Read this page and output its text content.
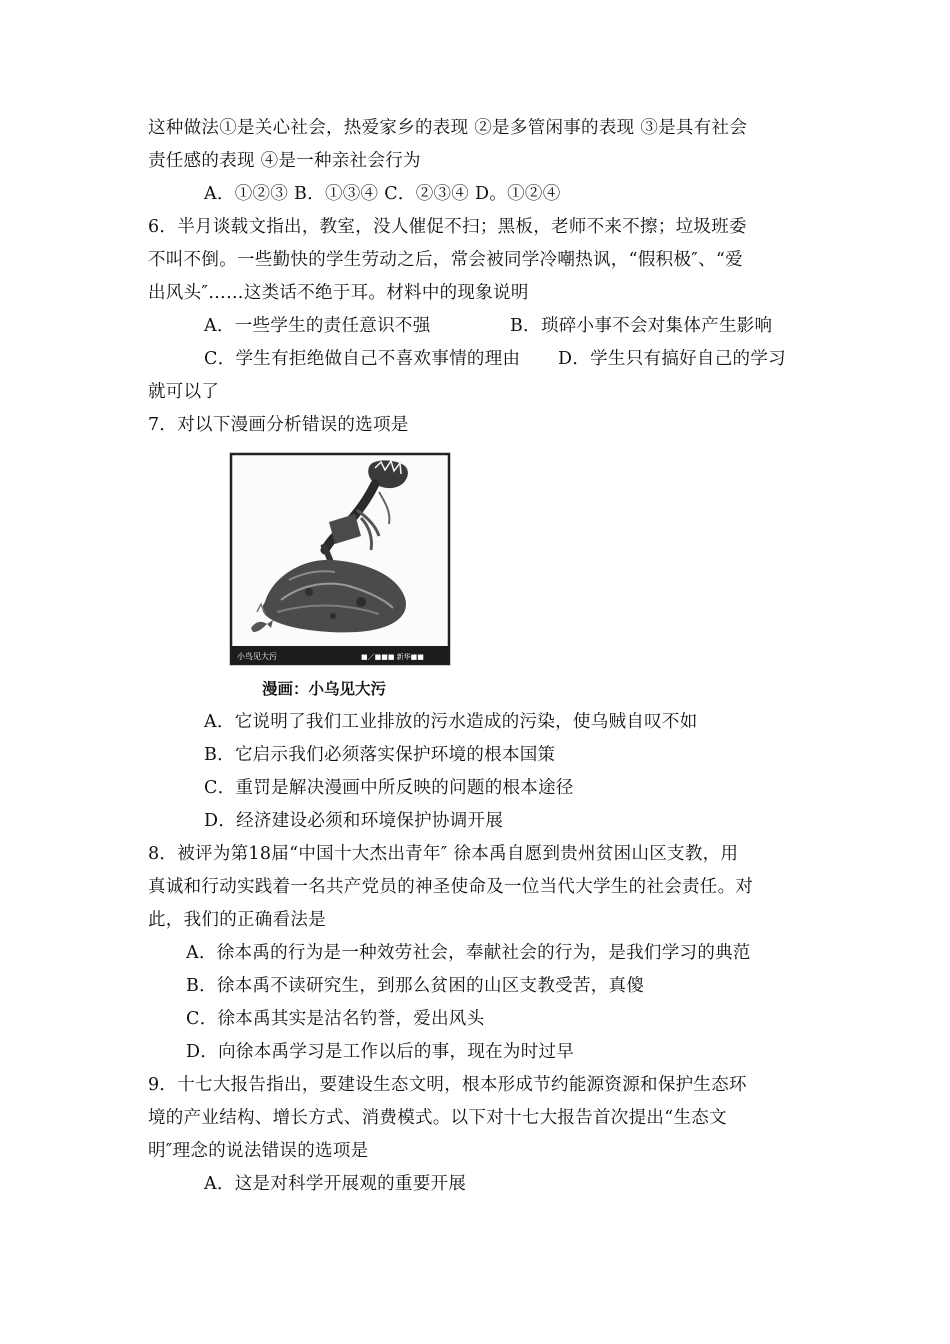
这种做法①是关心社会，热爱家乡的表现 ②是多管闲事的表现 ③是具有社会
责任感的表现 ④是一种亲社会行为
A．①②③ B．①③④ C．②③④ D。①②④
6．半月谈载文指出，教室，没人催促不扫；黑板，老师不来不擦；垃圾班委
不叫不倒。一些勤快的学生劳动之后，常会被同学冷嘲热讽，“假积极″、“爱
出风头″……这类话不绝于耳。材料中的现象说明
A．一些学生的责任意识不强	B．琐碎小事不会对集体产生影响
C．学生有拒绝做自己不喜欢事情的理由 D．学生只有搞好自己的学习
就可以了
7．对以下漫画分析错误的选项是
小鸟见大污	■／■■■ 新华■■
漫画：小乌见大污
A．它说明了我们工业排放的污水造成的污染，使乌贼自叹不如
B．它启示我们必须落实保护环境的根本国策
C．重罚是解决漫画中所反映的问题的根本途径
D．经济建设必须和环境保护协调开展
8．被评为第18届“中国十大杰出青年″ 徐本禹自愿到贵州贫困山区支教，用
真诚和行动实践着一名共产党员的神圣使命及一位当代大学生的社会责任。对
此，我们的正确看法是
A．徐本禹的行为是一种效劳社会，奉献社会的行为，是我们学习的典范
B．徐本禹不读研究生，到那么贫困的山区支教受苦，真傻
C．徐本禹其实是沽名钓誉，爱出风头
D．向徐本禹学习是工作以后的事，现在为时过早
9．十七大报告指出，要建设生态文明，根本形成节约能源资源和保护生态环
境的产业结构、增长方式、消费模式。以下对十七大报告首次提出“生态文
明″理念的说法错误的选项是
A．这是对科学开展观的重要开展
